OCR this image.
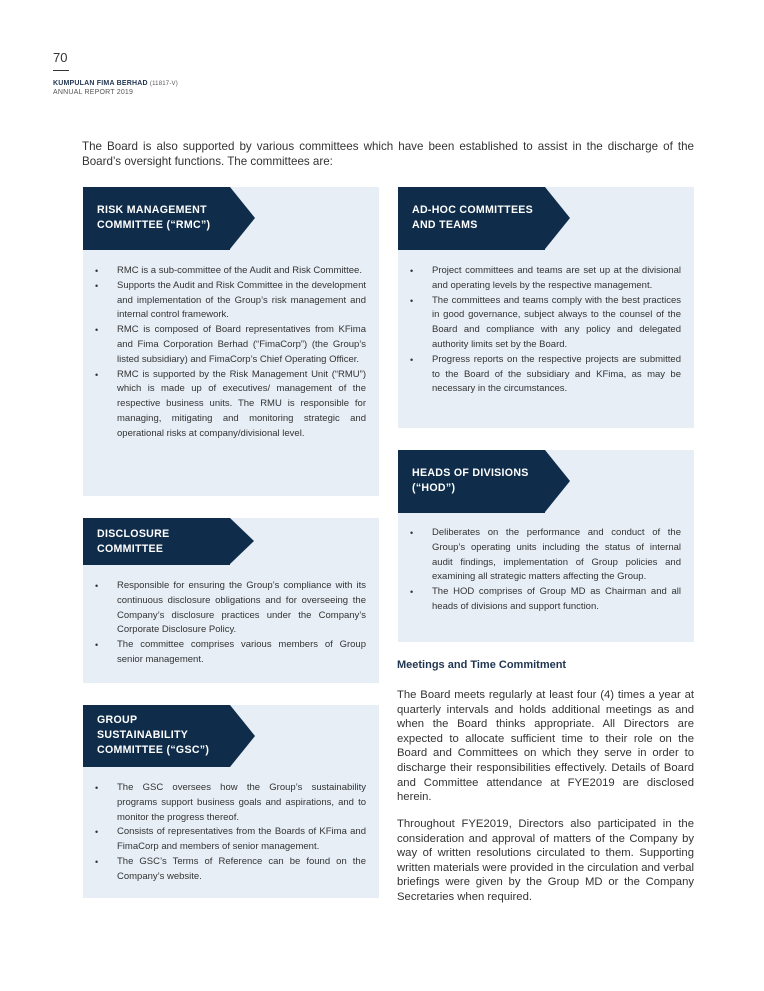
70
KUMPULAN FIMA BERHAD (11817-V)
ANNUAL REPORT 2019
The Board is also supported by various committees which have been established to assist in the discharge of the Board’s oversight functions. The committees are:
RISK MANAGEMENT
COMMITTEE (“RMC”)
• RMC is a sub-committee of the Audit and Risk Committee.
• Supports the Audit and Risk Committee in the development and implementation of the Group’s risk management and internal control framework.
• RMC is composed of Board representatives from KFima and Fima Corporation Berhad (“FimaCorp”) (the Group’s listed subsidiary) and FimaCorp’s Chief Operating Officer.
• RMC is supported by the Risk Management Unit (“RMU”) which is made up of executives/ management of the respective business units. The RMU is responsible for managing, mitigating and monitoring strategic and operational risks at company/divisional level.
AD-HOC COMMITTEES
AND TEAMS
• Project committees and teams are set up at the divisional and operating levels by the respective management.
• The committees and teams comply with the best practices in good governance, subject always to the counsel of the Board and compliance with any policy and delegated authority limits set by the Board.
• Progress reports on the respective projects are submitted to the Board of the subsidiary and KFima, as may be necessary in the circumstances.
HEADS OF DIVISIONS
(“HOD”)
• Deliberates on the performance and conduct of the Group’s operating units including the status of internal audit findings, implementation of Group policies and examining all strategic matters affecting the Group.
• The HOD comprises of Group MD as Chairman and all heads of divisions and support function.
DISCLOSURE
COMMITTEE
• Responsible for ensuring the Group’s compliance with its continuous disclosure obligations and for overseeing the Company’s disclosure practices under the Company’s Corporate Disclosure Policy.
• The committee comprises various members of Group senior management.
GROUP
SUSTAINABILITY
COMMITTEE (“GSC”)
• The GSC oversees how the Group’s sustainability programs support business goals and aspirations, and to monitor the progress thereof.
• Consists of representatives from the Boards of KFima and FimaCorp and members of senior management.
• The GSC’s Terms of Reference can be found on the Company’s website.
Meetings and Time Commitment
The Board meets regularly at least four (4) times a year at quarterly intervals and holds additional meetings as and when the Board thinks appropriate. All Directors are expected to allocate sufficient time to their role on the Board and Committees on which they serve in order to discharge their responsibilities effectively. Details of Board and Committee attendance at FYE2019 are disclosed herein.
Throughout FYE2019, Directors also participated in the consideration and approval of matters of the Company by way of written resolutions circulated to them. Supporting written materials were provided in the circulation and verbal briefings were given by the Group MD or the Company Secretaries when required.
